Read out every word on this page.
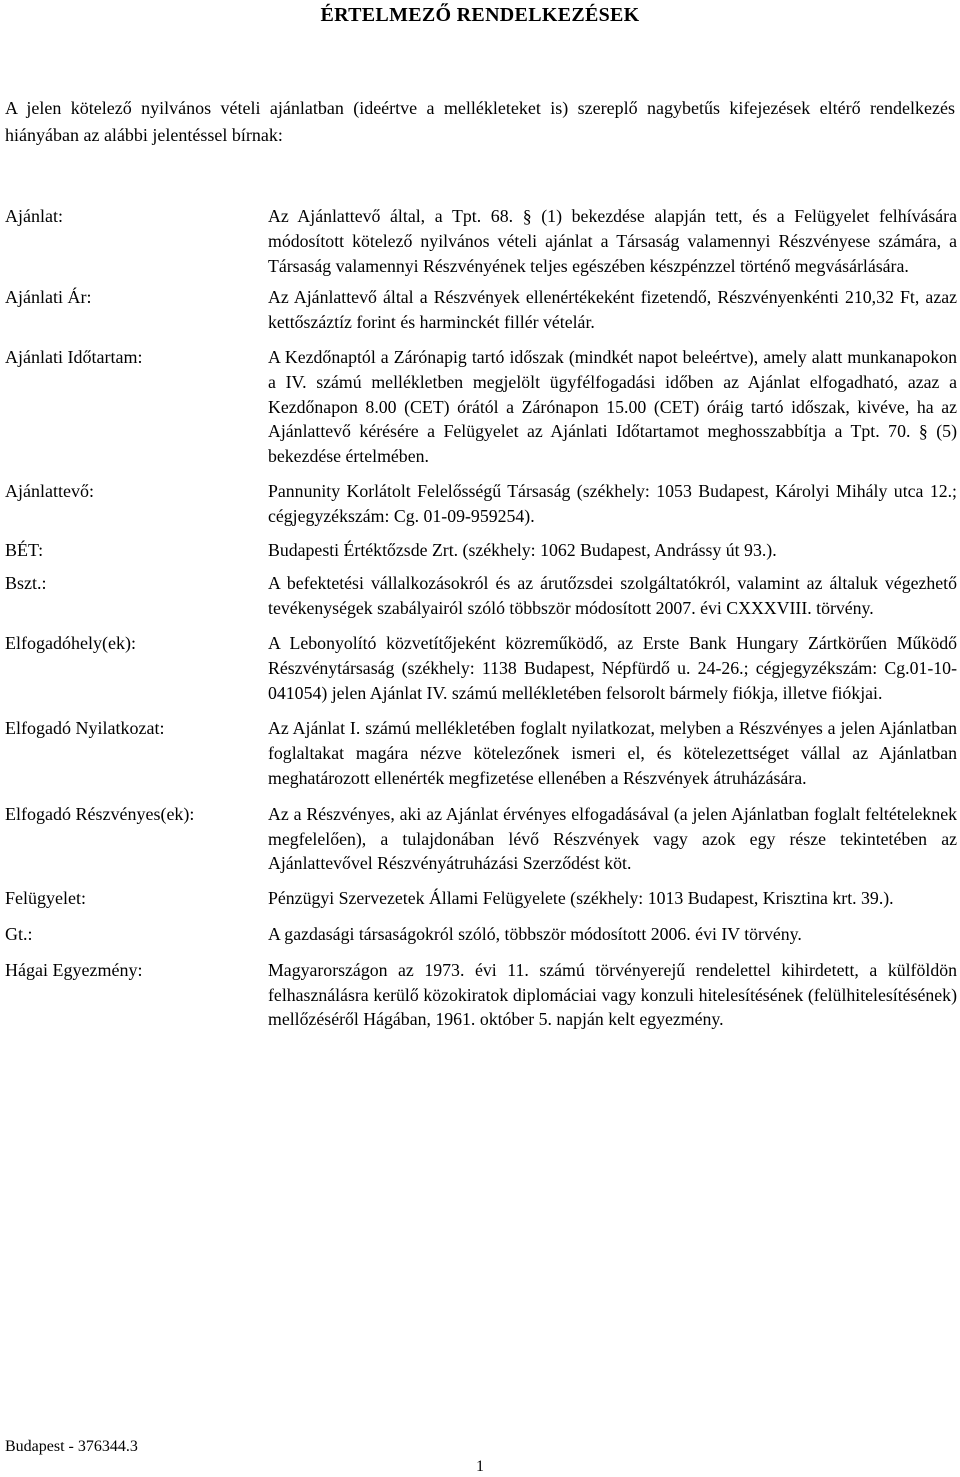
ÉRTELMEZŐ RENDELKEZÉSEK
A jelen kötelező nyilvános vételi ajánlatban (ideértve a mellékleteket is) szereplő nagybetűs kifejezések eltérő rendelkezés hiányában az alábbi jelentéssel bírnak:
Ajánlat:	Az Ajánlattevő által, a Tpt. 68. § (1) bekezdése alapján tett, és a Felügyelet felhívására módosított kötelező nyilvános vételi ajánlat a Társaság valamennyi Részvényese számára, a Társaság valamennyi Részvényének teljes egészében készpénzzel történő megvásárlására.
Ajánlati Ár:	Az Ajánlattevő által a Részvények ellenértékeként fizetendő, Részvényenkénti 210,32 Ft, azaz kettőszáztíz forint és harminckét fillér vételár.
Ajánlati Időtartam:	A Kezdőnaptól a Zárónapig tartó időszak (mindkét napot beleértve), amely alatt munkanapokon a IV. számú mellékletben megjelölt ügyfélfogadási időben az Ajánlat elfogadható, azaz a Kezdőnapon 8.00 (CET) órától a Zárónapon 15.00 (CET) óráig tartó időszak, kivéve, ha az Ajánlattevő kérésére a Felügyelet az Ajánlati Időtartamot meghosszabbítja a Tpt. 70. § (5) bekezdése értelmében.
Ajánlattevő:	Pannunity Korlátolt Felelősségű Társaság (székhely: 1053 Budapest, Károlyi Mihály utca 12.; cégjegyzékszám: Cg. 01-09-959254).
BÉT:	Budapesti Értéktőzsde Zrt. (székhely: 1062 Budapest, Andrássy út 93.).
Bszt.:	A befektetési vállalkozásokról és az árutőzsdei szolgáltatókról, valamint az általuk végezhető tevékenységek szabályairól szóló többször módosított 2007. évi CXXXVIII. törvény.
Elfogadóhely(ek):	A Lebonyolító közvetítőjeként közreműködő, az Erste Bank Hungary Zártkörűen Működő Részvénytársaság (székhely: 1138 Budapest, Népfürdő u. 24-26.; cégjegyzékszám: Cg.01-10-041054) jelen Ajánlat IV. számú mellékletében felsorolt bármely fiókja, illetve fiókjai.
Elfogadó Nyilatkozat:	Az Ajánlat I. számú mellékletében foglalt nyilatkozat, melyben a Részvényes a jelen Ajánlatban foglaltakat magára nézve kötelezőnek ismeri el, és kötelezettséget vállal az Ajánlatban meghatározott ellenérték megfizetése ellenében a Részvények átruházására.
Elfogadó Részvényes(ek):	Az a Részvényes, aki az Ajánlat érvényes elfogadásával (a jelen Ajánlatban foglalt feltételeknek megfelelően), a tulajdonában lévő Részvények vagy azok egy része tekintetében az Ajánlattevővel Részvényátruházási Szerződést köt.
Felügyelet:	Pénzügyi Szervezetek Állami Felügyelete (székhely: 1013 Budapest, Krisztina krt. 39.).
Gt.:	A gazdasági társaságokról szóló, többször módosított 2006. évi IV törvény.
Hágai Egyezmény:	Magyarországon az 1973. évi 11. számú törvényerejű rendelettel kihirdetett, a külföldön felhasználásra kerülő közokiratok diplomáciai vagy konzuli hitelesítésének (felülhitelesítésének) mellőzéséről Hágában, 1961. október 5. napján kelt egyezmény.
Budapest - 376344.3
1
